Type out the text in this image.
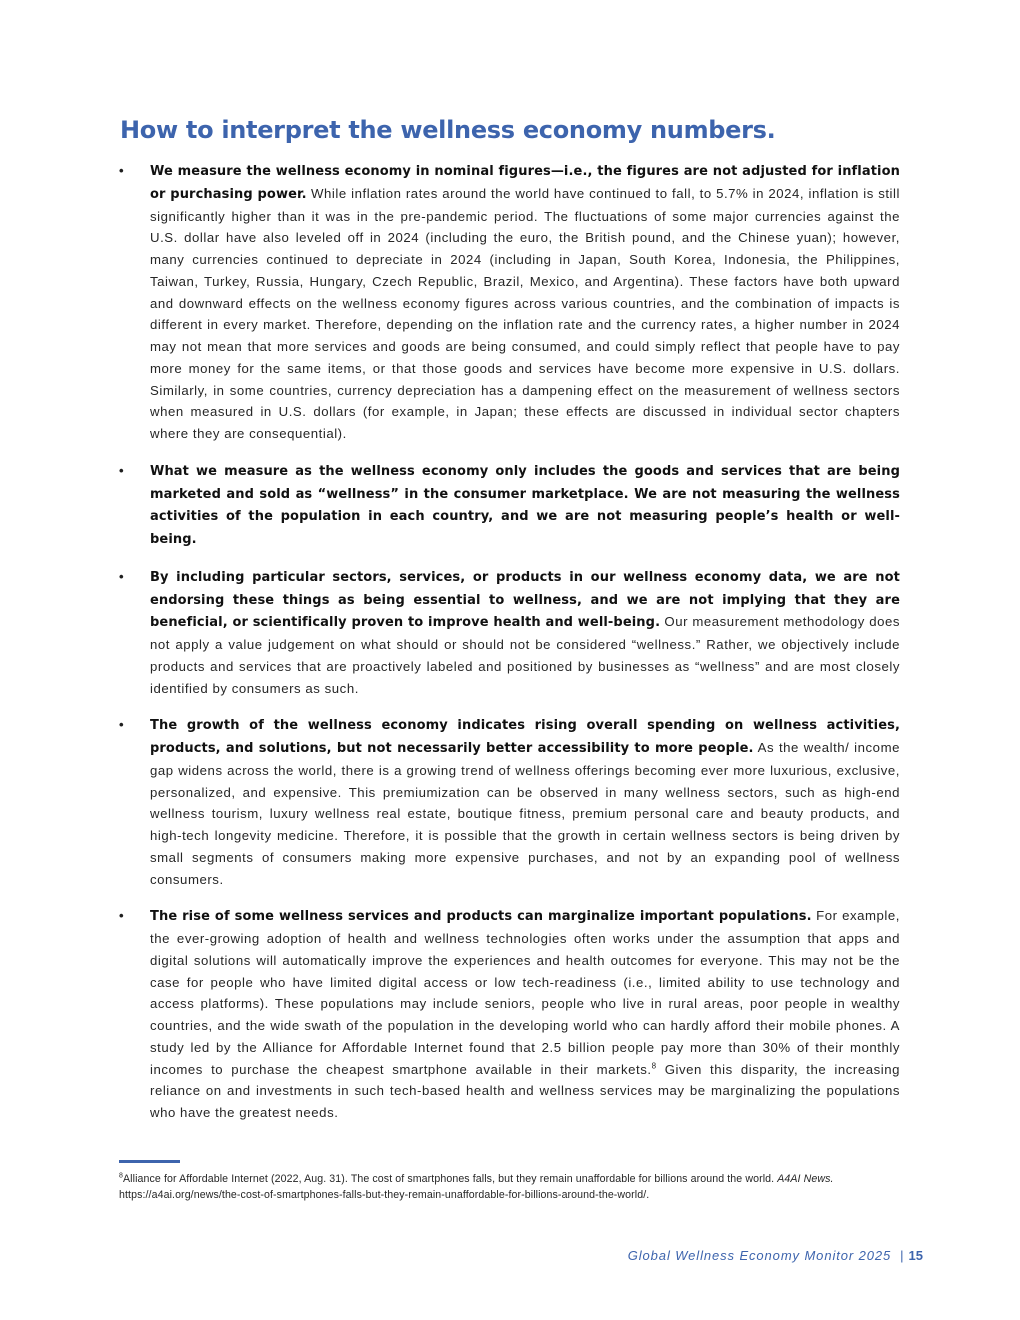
How to interpret the wellness economy numbers.
•	We measure the wellness economy in nominal figures—i.e., the figures are not adjusted for inflation or purchasing power. While inflation rates around the world have continued to fall, to 5.7% in 2024, inflation is still significantly higher than it was in the pre-pandemic period. The fluctuations of some major currencies against the U.S. dollar have also leveled off in 2024 (including the euro, the British pound, and the Chinese yuan); however, many currencies continued to depreciate in 2024 (including in Japan, South Korea, Indonesia, the Philippines, Taiwan, Turkey, Russia, Hungary, Czech Republic, Brazil, Mexico, and Argentina). These factors have both upward and downward effects on the wellness economy figures across various countries, and the combination of impacts is different in every market. Therefore, depending on the inflation rate and the currency rates, a higher number in 2024 may not mean that more services and goods are being consumed, and could simply reflect that people have to pay more money for the same items, or that those goods and services have become more expensive in U.S. dollars. Similarly, in some countries, currency depreciation has a dampening effect on the measurement of wellness sectors when measured in U.S. dollars (for example, in Japan; these effects are discussed in individual sector chapters where they are consequential).
•	What we measure as the wellness economy only includes the goods and services that are being marketed and sold as “wellness” in the consumer marketplace. We are not measuring the wellness activities of the population in each country, and we are not measuring people’s health or well-being.
•	By including particular sectors, services, or products in our wellness economy data, we are not endorsing these things as being essential to wellness, and we are not implying that they are beneficial, or scientifically proven to improve health and well-being. Our measurement methodology does not apply a value judgement on what should or should not be considered “wellness.” Rather, we objectively include products and services that are proactively labeled and positioned by businesses as “wellness” and are most closely identified by consumers as such.
•	The growth of the wellness economy indicates rising overall spending on wellness activities, products, and solutions, but not necessarily better accessibility to more people. As the wealth/ income gap widens across the world, there is a growing trend of wellness offerings becoming ever more luxurious, exclusive, personalized, and expensive. This premiumization can be observed in many wellness sectors, such as high-end wellness tourism, luxury wellness real estate, boutique fitness, premium personal care and beauty products, and high-tech longevity medicine. Therefore, it is possible that the growth in certain wellness sectors is being driven by small segments of consumers making more expensive purchases, and not by an expanding pool of wellness consumers.
•	The rise of some wellness services and products can marginalize important populations. For example, the ever-growing adoption of health and wellness technologies often works under the assumption that apps and digital solutions will automatically improve the experiences and health outcomes for everyone. This may not be the case for people who have limited digital access or low tech-readiness (i.e., limited ability to use technology and access platforms). These populations may include seniors, people who live in rural areas, poor people in wealthy countries, and the wide swath of the population in the developing world who can hardly afford their mobile phones. A study led by the Alliance for Affordable Internet found that 2.5 billion people pay more than 30% of their monthly incomes to purchase the cheapest smartphone available in their markets.$^8$ Given this disparity, the increasing reliance on and investments in such tech-based health and wellness services may be marginalizing the populations who have the greatest needs.

$^8$Alliance for Affordable Internet (2022, Aug. 31). The cost of smartphones falls, but they remain unaffordable for billions around the world. A4AI News. https://a4ai.org/news/the-cost-of-smartphones-falls-but-they-remain-unaffordable-for-billions-around-the-world/.

Global Wellness Economy Monitor 2025 | 15
